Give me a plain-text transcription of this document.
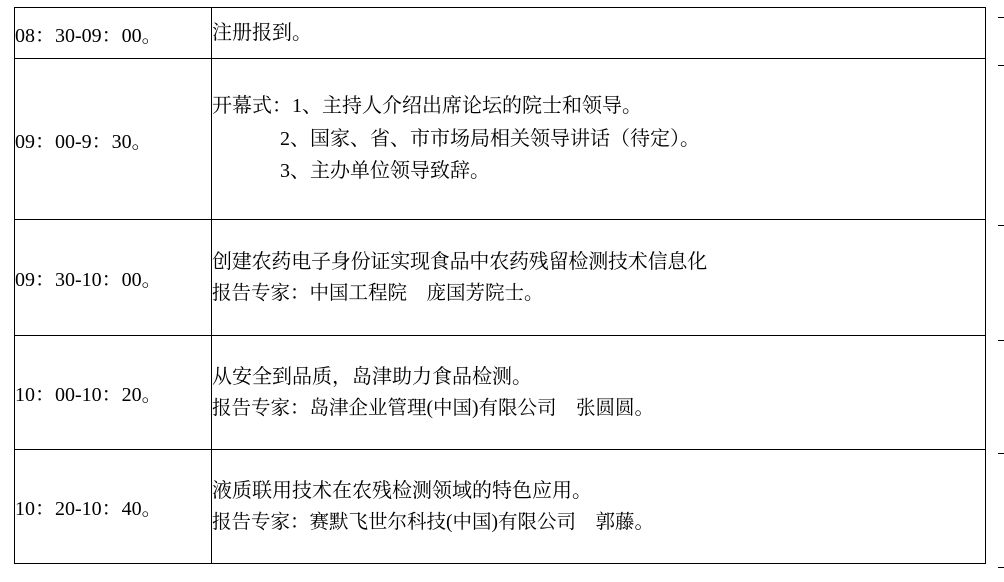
08：30-09：00。	注册报到。

09：00-9：30。	开幕式：1、主持人介绍出席论坛的院士和领导。
2、国家、省、市市场局相关领导讲话（待定）。
3、主办单位领导致辞。

09：30-10：00。	创建农药电子身份证实现食品中农药残留检测技术信息化
报告专家：中国工程院　庞国芳院士。

10：00-10：20。	从安全到品质，岛津助力食品检测。
报告专家：岛津企业管理(中国)有限公司　张圆圆。

10：20-10：40。	液质联用技术在农残检测领域的特色应用。
报告专家：赛默飞世尔科技(中国)有限公司　郭藤。
